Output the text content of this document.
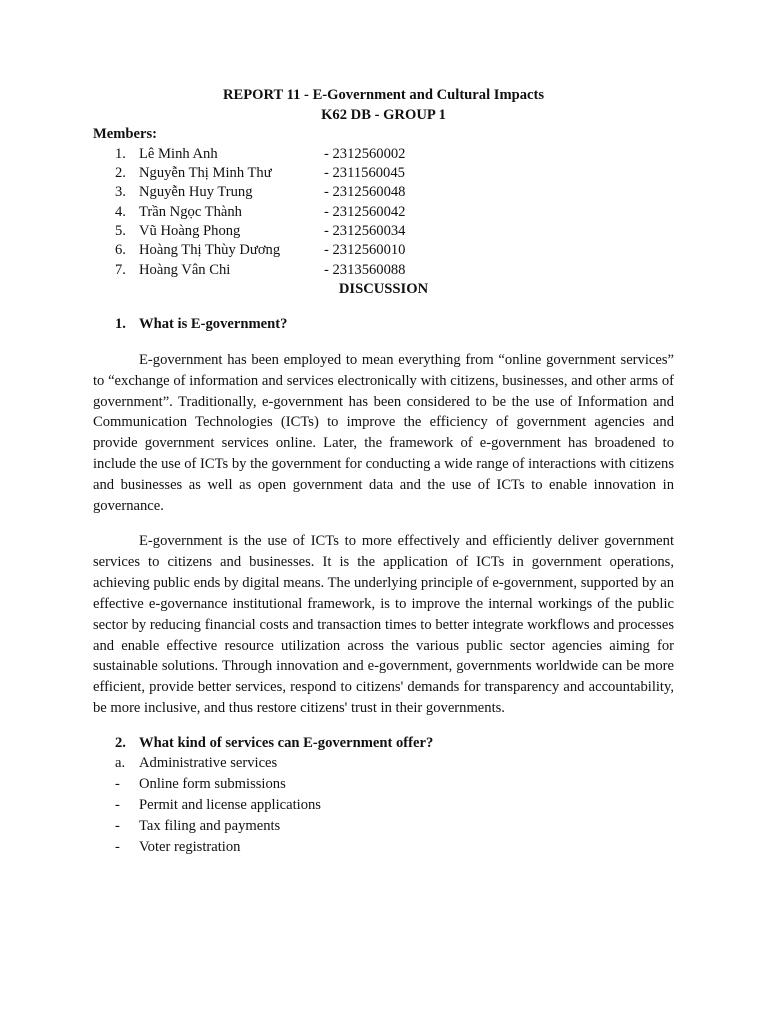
REPORT 11 - E-Government and Cultural Impacts
K62 DB - GROUP 1
Members:
1. Lê Minh Anh	- 2312560002
2. Nguyễn Thị Minh Thư	- 2311560045
3. Nguyễn Huy Trung	- 2312560048
4. Trần Ngọc Thành	- 2312560042
5. Vũ Hoàng Phong	- 2312560034
6. Hoàng Thị Thùy Dương	- 2312560010
7. Hoàng Vân Chi	- 2313560088
DISCUSSION
1. What is E-government?

E-government has been employed to mean everything from “online government services” to “exchange of information and services electronically with citizens, businesses, and other arms of government”. Traditionally, e-government has been considered to be the use of Information and Communication Technologies (ICTs) to improve the efficiency of government agencies and provide government services online. Later, the framework of e-government has broadened to include the use of ICTs by the government for conducting a wide range of interactions with citizens and businesses as well as open government data and the use of ICTs to enable innovation in governance.

E-government is the use of ICTs to more effectively and efficiently deliver government services to citizens and businesses. It is the application of ICTs in government operations, achieving public ends by digital means. The underlying principle of e-government, supported by an effective e-governance institutional framework, is to improve the internal workings of the public sector by reducing financial costs and transaction times to better integrate workflows and processes and enable effective resource utilization across the various public sector agencies aiming for sustainable solutions. Through innovation and e-government, governments worldwide can be more efficient, provide better services, respond to citizens' demands for transparency and accountability, be more inclusive, and thus restore citizens' trust in their governments.

2. What kind of services can E-government offer?
a. Administrative services
- Online form submissions
- Permit and license applications
- Tax filing and payments
- Voter registration
